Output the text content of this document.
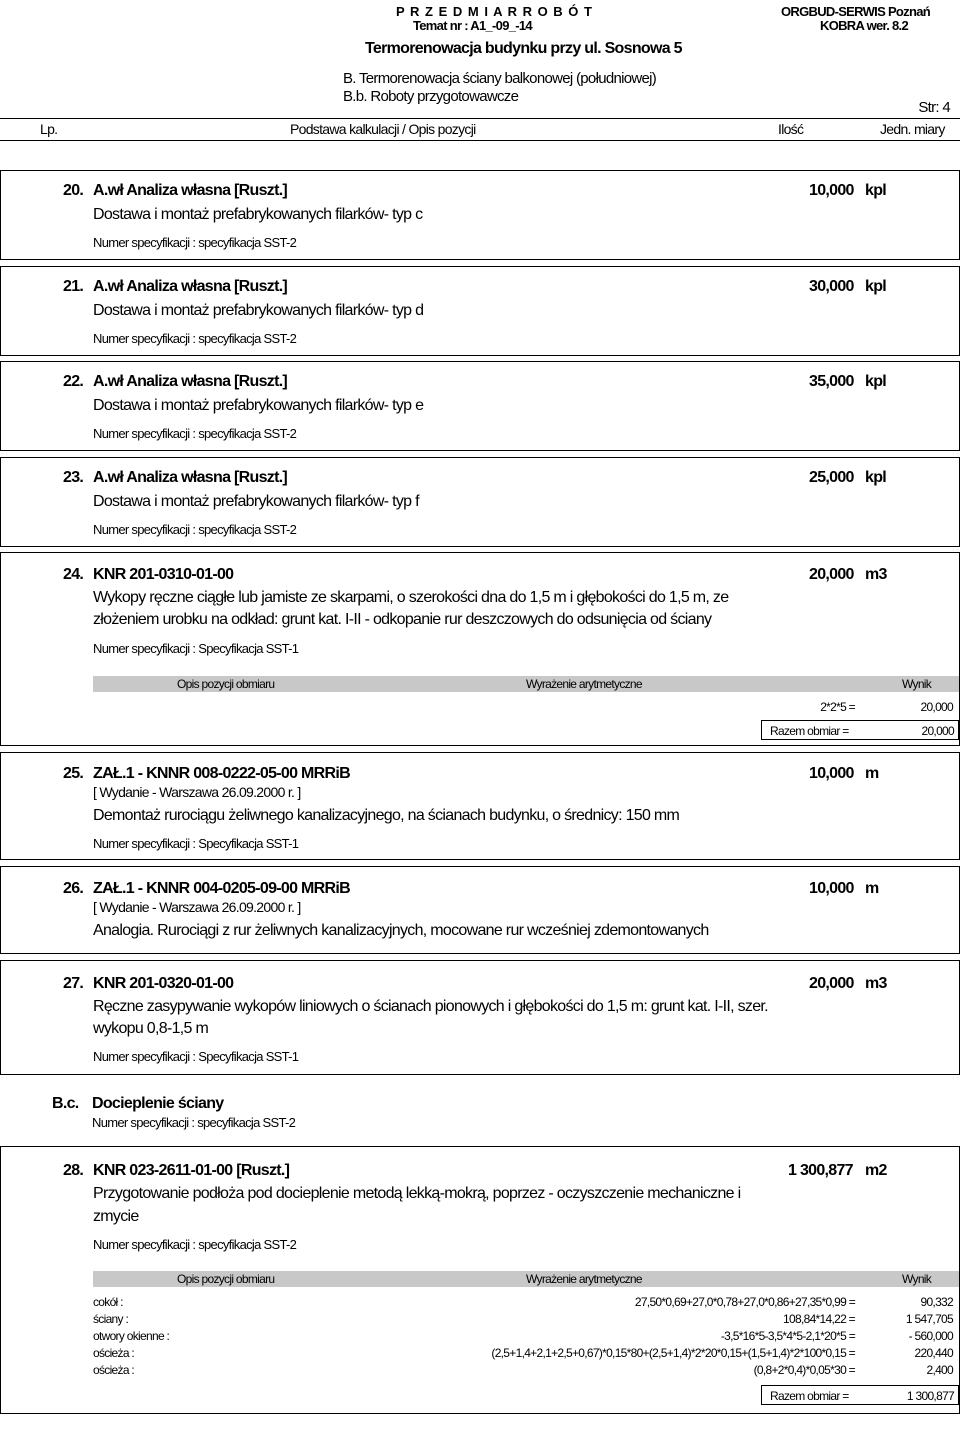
P R Z E D M I A R R O B Ó T	ORGBUD-SERWIS Poznań
Temat nr : A1_-09_-14	KOBRA wer. 8.2
Termorenowacja budynku przy ul. Sosnowa 5
B. Termorenowacja ściany balkonowej (południowej)
B.b. Roboty przygotowawcze
Str: 4
Lp.	Podstawa kalkulacji / Opis pozycji	Ilość	Jedn. miary
20. A.wł Analiza własna [Ruszt.]	10,000 kpl
Dostawa i montaż prefabrykowanych filarków- typ c
Numer specyfikacji : specyfikacja SST-2
21. A.wł Analiza własna [Ruszt.]	30,000 kpl
Dostawa i montaż prefabrykowanych filarków- typ d
Numer specyfikacji : specyfikacja SST-2
22. A.wł Analiza własna [Ruszt.]	35,000 kpl
Dostawa i montaż prefabrykowanych filarków- typ e
Numer specyfikacji : specyfikacja SST-2
23. A.wł Analiza własna [Ruszt.]	25,000 kpl
Dostawa i montaż prefabrykowanych filarków- typ f
Numer specyfikacji : specyfikacja SST-2
24. KNR 201-0310-01-00	20,000 m3
Wykopy ręczne ciągłe lub jamiste ze skarpami, o szerokości dna do 1,5 m i głębokości do 1,5 m, ze
złożeniem urobku na odkład: grunt kat. I-II - odkopanie rur deszczowych do odsunięcia od ściany
Numer specyfikacji : Specyfikacja SST-1
Opis pozycji obmiaru	Wyrażenie arytmetyczne	Wynik
2*2*5 =	20,000
Razem obmiar =	20,000
25. ZAŁ.1 - KNNR 008-0222-05-00 MRRiB	10,000 m
[ Wydanie - Warszawa 26.09.2000 r. ]
Demontaż rurociągu żeliwnego kanalizacyjnego, na ścianach budynku, o średnicy: 150 mm
Numer specyfikacji : Specyfikacja SST-1
26. ZAŁ.1 - KNNR 004-0205-09-00 MRRiB	10,000 m
[ Wydanie - Warszawa 26.09.2000 r. ]
Analogia. Rurociągi z rur żeliwnych kanalizacyjnych, mocowane rur wcześniej zdemontowanych
27. KNR 201-0320-01-00	20,000 m3
Ręczne zasypywanie wykopów liniowych o ścianach pionowych i głębokości do 1,5 m: grunt kat. I-II, szer.
wykopu 0,8-1,5 m
Numer specyfikacji : Specyfikacja SST-1
B.c. Docieplenie ściany
Numer specyfikacji : specyfikacja SST-2
28. KNR 023-2611-01-00 [Ruszt.]	1 300,877 m2
Przygotowanie podłoża pod docieplenie metodą lekką-mokrą, poprzez - oczyszczenie mechaniczne i
zmycie
Numer specyfikacji : specyfikacja SST-2
Opis pozycji obmiaru	Wyrażenie arytmetyczne	Wynik
cokół :	27,50*0,69+27,0*0,78+27,0*0,86+27,35*0,99 =	90,332
ściany :	108,84*14,22 =	1 547,705
otwory okienne :	-3,5*16*5-3,5*4*5-2,1*20*5 =	- 560,000
ościeża :	(2,5+1,4+2,1+2,5+0,67)*0,15*80+(2,5+1,4)*2*20*0,15+(1,5+1,4)*2*100*0,15 =	220,440
ościeża :	(0,8+2*0,4)*0,05*30 =	2,400
Razem obmiar =	1 300,877
